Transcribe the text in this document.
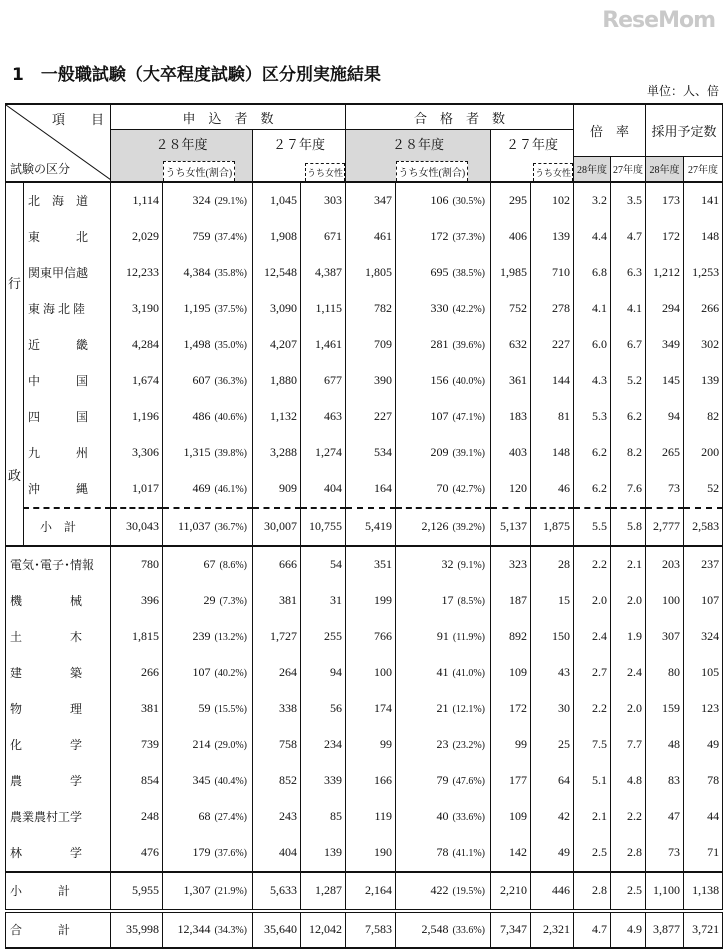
1　一般職試験（大卒程度試験）区分別実施結果
単位：人、倍
項　　目
試験の区分		申　込　者　数				合　格　者　数				倍　率		採用予定数	
		２８年度		２７年度		２８年度		２７年度					
			うち女性(割合)		うち女性		うち女性(割合)		うち女性	28年度	27年度	28年度	27年度

行
政	北　海　道	1,114	324 (29.1%)	1,045	303	347	106 (30.5%)	295	102	3.2	3.5	173	141
	東　　　北	2,029	759 (37.4%)	1,908	671	461	172 (37.3%)	406	139	4.4	4.7	172	148
	関東甲信越	12,233	4,384 (35.8%)	12,548	4,387	1,805	695 (38.5%)	1,985	710	6.8	6.3	1,212	1,253
	東 海 北 陸	3,190	1,195 (37.5%)	3,090	1,115	782	330 (42.2%)	752	278	4.1	4.1	294	266
	近　　　畿	4,284	1,498 (35.0%)	4,207	1,461	709	281 (39.6%)	632	227	6.0	6.7	349	302
	中　　　国	1,674	607 (36.3%)	1,880	677	390	156 (40.0%)	361	144	4.3	5.2	145	139
	四　　　国	1,196	486 (40.6%)	1,132	463	227	107 (47.1%)	183	81	5.3	6.2	94	82
	九　　　州	3,306	1,315 (39.8%)	3,288	1,274	534	209 (39.1%)	403	148	6.2	8.2	265	200
	沖　　　縄	1,017	469 (46.1%)	909	404	164	70 (42.7%)	120	46	6.2	7.6	73	52
	　小　計	30,043	11,037 (36.7%)	30,007	10,755	5,419	2,126 (39.2%)	5,137	1,875	5.5	5.8	2,777	2,583
電気･電子･情報		780	67 (8.6%)	666	54	351	32 (9.1%)	323	28	2.2	2.1	203	237
機　　　　械		396	29 (7.3%)	381	31	199	17 (8.5%)	187	15	2.0	2.0	100	107
土　　　　木		1,815	239 (13.2%)	1,727	255	766	91 (11.9%)	892	150	2.4	1.9	307	324
建　　　　築		266	107 (40.2%)	264	94	100	41 (41.0%)	109	43	2.7	2.4	80	105
物　　　　理		381	59 (15.5%)	338	56	174	21 (12.1%)	172	30	2.2	2.0	159	123
化　　　　学		739	214 (29.0%)	758	234	99	23 (23.2%)	99	25	7.5	7.7	48	49
農　　　　学		854	345 (40.4%)	852	339	166	79 (47.6%)	177	64	5.1	4.8	83	78
農業農村工学		248	68 (27.4%)	243	85	119	40 (33.6%)	109	42	2.1	2.2	47	44
林　　　　学		476	179 (37.6%)	404	139	190	78 (41.1%)	142	49	2.5	2.8	73	71
小　　　計		5,955	1,307 (21.9%)	5,633	1,287	2,164	422 (19.5%)	2,210	446	2.8	2.5	1,100	1,138
合　　　計		35,998	12,344 (34.3%)	35,640	12,042	7,583	2,548 (33.6%)	7,347	2,321	4.7	4.9	3,877	3,721
ReseMom
